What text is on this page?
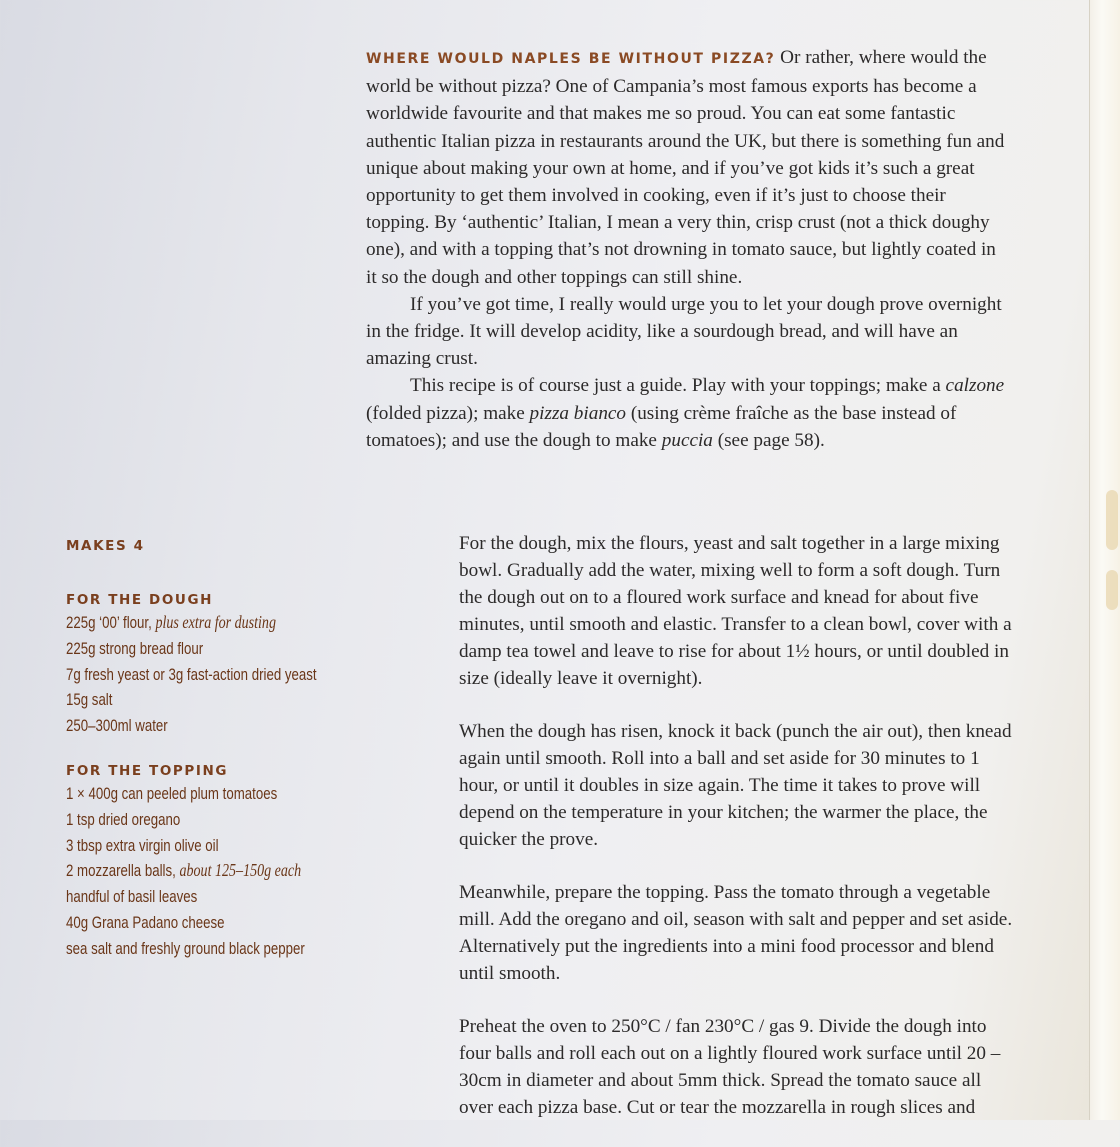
WHERE WOULD NAPLES BE WITHOUT PIZZA? Or rather, where would the world be without pizza? One of Campania’s most famous exports has become a worldwide favourite and that makes me so proud. You can eat some fantastic authentic Italian pizza in restaurants around the UK, but there is something fun and unique about making your own at home, and if you’ve got kids it’s such a great opportunity to get them involved in cooking, even if it’s just to choose their topping. By ‘authentic’ Italian, I mean a very thin, crisp crust (not a thick doughy one), and with a topping that’s not drowning in tomato sauce, but lightly coated in it so the dough and other toppings can still shine.

If you’ve got time, I really would urge you to let your dough prove overnight in the fridge. It will develop acidity, like a sourdough bread, and will have an amazing crust.

This recipe is of course just a guide. Play with your toppings; make a calzone (folded pizza); make pizza bianco (using crème fraîche as the base instead of tomatoes); and use the dough to make puccia (see page 58).

MAKES 4

FOR THE DOUGH

225g ‘00’ flour, plus extra for dusting
225g strong bread flour
7g fresh yeast or 3g fast-action dried yeast
15g salt
250–300ml water

FOR THE TOPPING

1 × 400g can peeled plum tomatoes
1 tsp dried oregano
3 tbsp extra virgin olive oil
2 mozzarella balls, about 125–150g each
handful of basil leaves
40g Grana Padano cheese
sea salt and freshly ground black pepper

For the dough, mix the flours, yeast and salt together in a large mixing bowl. Gradually add the water, mixing well to form a soft dough. Turn the dough out on to a floured work surface and knead for about five minutes, until smooth and elastic. Transfer to a clean bowl, cover with a damp tea towel and leave to rise for about 1½ hours, or until doubled in size (ideally leave it overnight).

When the dough has risen, knock it back (punch the air out), then knead again until smooth. Roll into a ball and set aside for 30 minutes to 1 hour, or until it doubles in size again. The time it takes to prove will depend on the temperature in your kitchen; the warmer the place, the quicker the prove.

Meanwhile, prepare the topping. Pass the tomato through a vegetable mill. Add the oregano and oil, season with salt and pepper and set aside. Alternatively put the ingredients into a mini food processor and blend until smooth.

Preheat the oven to 250°C / fan 230°C / gas 9. Divide the dough into four balls and roll each out on a lightly floured work surface until 20 – 30cm in diameter and about 5mm thick. Spread the tomato sauce all over each pizza base. Cut or tear the mozzarella in rough slices and
